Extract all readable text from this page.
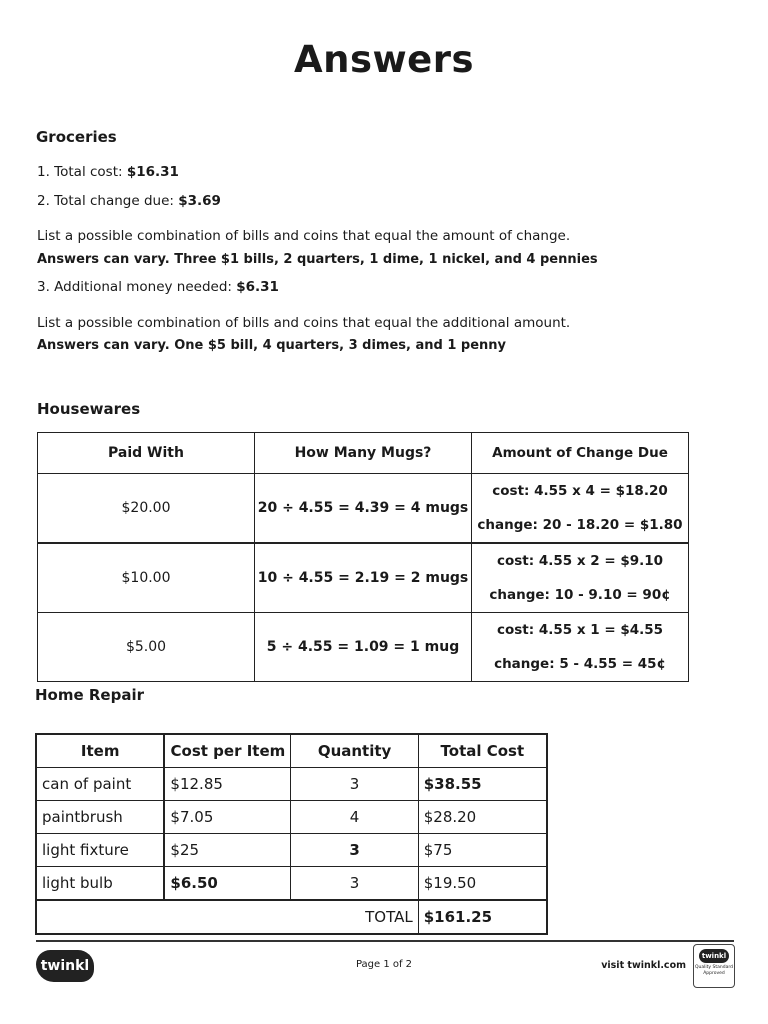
Answers
Groceries
1. Total cost: $16.31
2. Total change due: $3.69
List a possible combination of bills and coins that equal the amount of change.
Answers can vary. Three $1 bills, 2 quarters, 1 dime, 1 nickel, and 4 pennies
3. Additional money needed: $6.31
List a possible combination of bills and coins that equal the additional amount.
Answers can vary. One $5 bill, 4 quarters, 3 dimes, and 1 penny
Housewares
Paid With	How Many Mugs?	Amount of Change Due
$20.00	20 ÷ 4.55 = 4.39 = 4 mugs	cost: 4.55 x 4 = $18.20
change: 20 - 18.20 = $1.80

$10.00	10 ÷ 4.55 = 2.19 = 2 mugs	cost: 4.55 x 2 = $9.10
change: 10 - 9.10 = 90¢

$5.00	5 ÷ 4.55 = 1.09 = 1 mug	cost: 4.55 x 1 = $4.55
change: 5 - 4.55 = 45¢
Home Repair
Item	Cost per Item	Quantity	Total Cost
can of paint	$12.85	3	$38.55
paintbrush	$7.05	4	$28.20
light fixture	$25	3	$75
light bulb	$6.50	3	$19.50
TOTAL			$161.25
twinkl	Page 1 of 2	visit twinkl.com
twinkl
Quality Standard Approved
